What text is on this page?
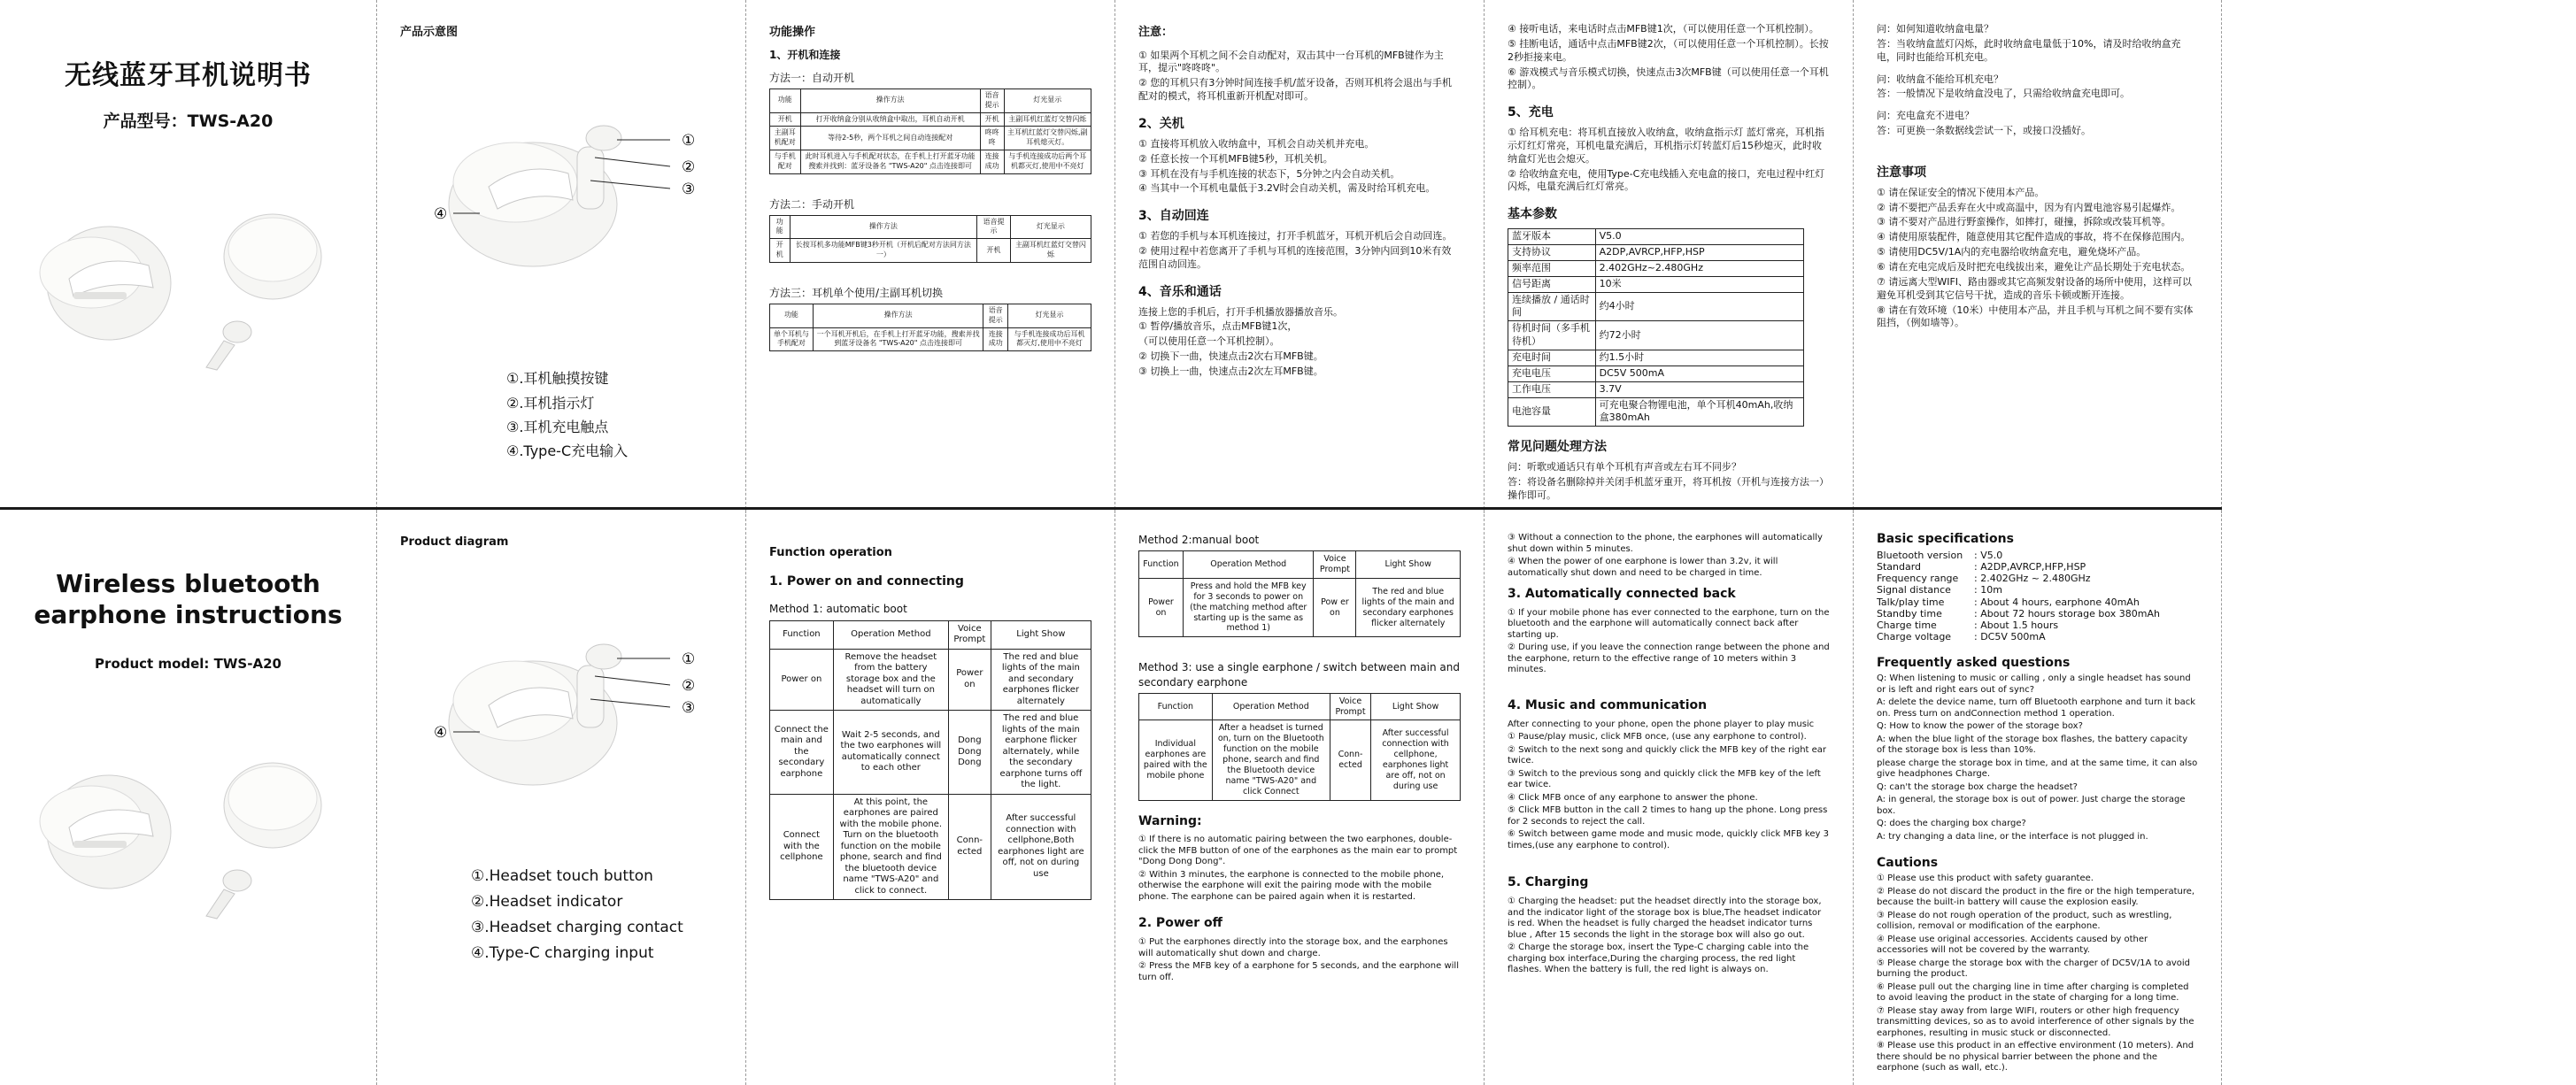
无线蓝牙耳机说明书
产品型号：TWS-A20
产品示意图
①
②
③
④
①.耳机触摸按键
②.耳机指示灯
③.耳机充电触点
④.Type-C充电输入
功能操作
1、开机和连接
方法一：自动开机
功能	操作方法	语音提示	灯光显示
开机	打开收纳盒分别从收纳盒中取出，耳机自动开机	开机	主副耳机红蓝灯交替闪烁
主副耳机配对	等待2-5秒，两个耳机之间自动连接配对	咚咚咚	主耳机红蓝灯交替闪烁,副耳机熄灭灯。
与手机配对	此时耳机进入与手机配对状态，在手机上打开蓝牙功能搜索并找到：蓝牙设备名 "TWS-A20" 点击连接即可	连接成功	与手机连接成功后两个耳机都灭灯,使用中不亮灯
方法二：手动开机
功能	操作方法	语音提示	灯光显示
开机	长按耳机多功能MFB键3秒开机（开机后配对方法同方法一）	开机	主副耳机红蓝灯交替闪烁
方法三：耳机单个使用/主副耳机切换
功能	操作方法	语音提示	灯光显示
单个耳机与手机配对	一个耳机开机后，在手机上打开蓝牙功能，搜索并找到蓝牙设备名 "TWS-A20" 点击连接即可	连接成功	与手机连接成功后耳机都灭灯,使用中不亮灯
注意：
① 如果两个耳机之间不会自动配对，双击其中一台耳机的MFB键作为主耳，提示"咚咚咚"。
② 您的耳机只有3分钟时间连接手机/蓝牙设备，否则耳机将会退出与手机配对的模式，将耳机重新开机配对即可。
2、关机
① 直接将耳机放入收纳盒中，耳机会自动关机并充电。
② 任意长按一个耳机MFB键5秒，耳机关机。
③ 耳机在没有与手机连接的状态下，5分钟之内会自动关机。
④ 当其中一个耳机电量低于3.2V时会自动关机，需及时给耳机充电。
3、自动回连
① 若您的手机与本耳机连接过，打开手机蓝牙，耳机开机后会自动回连。
② 使用过程中若您离开了手机与耳机的连接范围，3分钟内回到10米有效范围自动回连。
4、音乐和通话
连接上您的手机后，打开手机播放器播放音乐。
① 暂停/播放音乐，点击MFB键1次，
（可以使用任意一个耳机控制）。
② 切换下一曲，快速点击2次右耳MFB键。
③ 切换上一曲，快速点击2次左耳MFB键。
④ 接听电话，来电话时点击MFB键1次，（可以使用任意一个耳机控制）。
⑤ 挂断电话，通话中点击MFB键2次，（可以使用任意一个耳机控制）。长按2秒拒接来电。
⑥ 游戏模式与音乐模式切换，快速点击3次MFB键（可以使用任意一个耳机控制）。
5、充电
① 给耳机充电：将耳机直接放入收纳盒，收纳盒指示灯 蓝灯常亮，耳机指示灯红灯常亮，耳机电量充满后，耳机指示灯转蓝灯后15秒熄灭，此时收纳盒灯光也会熄灭。
② 给收纳盒充电，使用Type-C充电线插入充电盒的接口，充电过程中红灯闪烁，电量充满后红灯常亮。
基本参数
蓝牙版本	V5.0
支持协议	A2DP,AVRCP,HFP,HSP
频率范围	2.402GHz~2.480GHz
信号距离	10米
连续播放 / 通话时间	约4小时
待机时间（多手机待机）	约72小时
充电时间	约1.5小时
充电电压	DC5V 500mA
工作电压	3.7V
电池容量	可充电聚合物锂电池，单个耳机40mAh,收纳盒380mAh
常见问题处理方法
问：听歌或通话只有单个耳机有声音或左右耳不同步？
答：将设备名删除掉并关闭手机蓝牙重开，将耳机按（开机与连接方法一）操作即可。
问：如何知道收纳盒电量？
答：当收纳盒蓝灯闪烁，此时收纳盒电量低于10%，请及时给收纳盒充电，同时也能给耳机充电。
问：收纳盒不能给耳机充电？
答：一般情况下是收纳盒没电了，只需给收纳盒充电即可。
问：充电盒充不进电？
答：可更换一条数据线尝试一下，或接口没插好。
注意事项
① 请在保证安全的情况下使用本产品。
② 请不要把产品丢弃在火中或高温中，因为有内置电池容易引起爆炸。
③ 请不要对产品进行野蛮操作，如摔打，碰撞，拆除或改装耳机等。
④ 请使用原装配件，随意使用其它配件造成的事故，将不在保修范围内。
⑤ 请使用DC5V/1A内的充电器给收纳盒充电，避免烧坏产品。
⑥ 请在充电完成后及时把充电线拔出来，避免让产品长期处于充电状态。
⑦ 请远离大型WIFI、路由器或其它高频发射设备的场所中使用，这样可以避免耳机受到其它信号干扰，造成的音乐卡顿或断开连接。
⑧ 请在有效环境（10米）中使用本产品，并且手机与耳机之间不要有实体阻挡，（例如墙等）。
Wireless bluetooth
earphone instructions
Product model: TWS-A20
Product diagram
①
②
③
④
①.Headset touch button
②.Headset indicator
③.Headset charging contact
④.Type-C charging input
Function operation
1. Power on and connecting
Method 1: automatic boot
Function	Operation Method	Voice Prompt	Light Show
Power on	Remove the headset from the battery storage box and the headset will turn on automatically	Power on	The red and blue lights of the main and secondary earphones flicker alternately
Connect the main and the secondary earphone	Wait 2-5 seconds, and the two earphones will automatically connect to each other	Dong Dong Dong	The red and blue lights of the main earphone flicker alternately, while the secondary earphone turns off the light.
Connect with the cellphone	At this point, the earphones are paired with the mobile phone. Turn on the bluetooth function on the mobile phone, search and find the bluetooth device name "TWS-A20" and click to connect.	Conn-ected	After successful connection with cellphone,Both earphones light are off, not on during use
Method 2:manual boot
Function	Operation Method	Voice Prompt	Light Show
Power on	Press and hold the MFB key for 3 seconds to power on (the matching method after starting up is the same as method 1)	Pow er on	The red and blue lights of the main and secondary earphones flicker alternately
Method 3: use a single earphone / switch between main and secondary earphone
Function	Operation Method	Voice Prompt	Light Show
Individual earphones are paired with the mobile phone	After a headset is turned on, turn on the Bluetooth function on the mobile phone, search and find the Bluetooth device name "TWS-A20" and click Connect	Conn-ected	After successful connection with cellphone, earphones light are off, not on during use
Warning:
① If there is no automatic pairing between the two earphones, double-click the MFB button of one of the earphones as the main ear to prompt "Dong Dong Dong".
② Within 3 minutes, the earphone is connected to the mobile phone, otherwise the earphone will exit the pairing mode with the mobile phone. The earphone can be paired again when it is restarted.
2. Power off
① Put the earphones directly into the storage box, and the earphones will automatically shut down and charge.
② Press the MFB key of a earphone for 5 seconds, and the earphone will turn off.
③ Without a connection to the phone, the earphones will automatically shut down within 5 minutes.
④ When the power of one earphone is lower than 3.2v, it will automatically shut down and need to be charged in time.
3. Automatically connected back
① If your mobile phone has ever connected to the earphone, turn on the bluetooth and the earphone will automatically connect back after starting up.
② During use, if you leave the connection range between the phone and the earphone, return to the effective range of 10 meters within 3 minutes.
4. Music and communication
After connecting to your phone, open the phone player to play music
① Pause/play music, click MFB once, (use any earphone to control).
② Switch to the next song and quickly click the MFB key of the right ear twice.
③ Switch to the previous song and quickly click the MFB key of the left ear twice.
④ Click MFB once of any earphone to answer the phone.
⑤ Click MFB button in the call 2 times to hang up the phone. Long press for 2 seconds to reject the call.
⑥ Switch between game mode and music mode, quickly click MFB key 3 times,(use any earphone to control).
5. Charging
① Charging the headset: put the headset directly into the storage box, and the indicator light of the storage box is blue,The headset indicator is red. When the headset is fully charged the headset indicator turns blue , After 15 seconds the light in the storage box will also go out.
② Charge the storage box, insert the Type-C charging cable into the charging box interface,During the charging process, the red light flashes. When the battery is full, the red light is always on.
Basic specifications
Bluetooth version	: V5.0
Standard	: A2DP,AVRCP,HFP,HSP
Frequency range	: 2.402GHz ~ 2.480GHz
Signal distance	: 10m
Talk/play time	: About 4 hours, earphone 40mAh
Standby time	: About 72 hours storage box 380mAh
Charge time	: About 1.5 hours
Charge voltage	: DC5V 500mA
Frequently asked questions
Q: When listening to music or calling , only a single headset has sound or is left and right ears out of sync?
A: delete the device name, turn off Bluetooth earphone and turn it back on. Press turn on andConnection method 1 operation.
Q: How to know the power of the storage box?
A: when the blue light of the storage box flashes, the battery capacity of the storage box is less than 10%.
please charge the storage box in time, and at the same time, it can also give headphones Charge.
Q: can't the storage box charge the headset?
A: in general, the storage box is out of power. Just charge the storage box.
Q: does the charging box charge?
A: try changing a data line, or the interface is not plugged in.
Cautions
① Please use this product with safety guarantee.
② Please do not discard the product in the fire or the high temperature, because the built-in battery will cause the explosion easily.
③ Please do not rough operation of the product, such as wrestling, collision, removal or modification of the earphone.
④ Please use original accessories. Accidents caused by other accessories will not be covered by the warranty.
⑤ Please charge the storage box with the charger of DC5V/1A to avoid burning the product.
⑥ Please pull out the charging line in time after charging is completed to avoid leaving the product in the state of charging for a long time.
⑦ Please stay away from large WIFI, routers or other high frequency transmitting devices, so as to avoid interference of other signals by the earphones, resulting in music stuck or disconnected.
⑧ Please use this product in an effective environment (10 meters). And there should be no physical barrier between the phone and the earphone (such as wall, etc.).
